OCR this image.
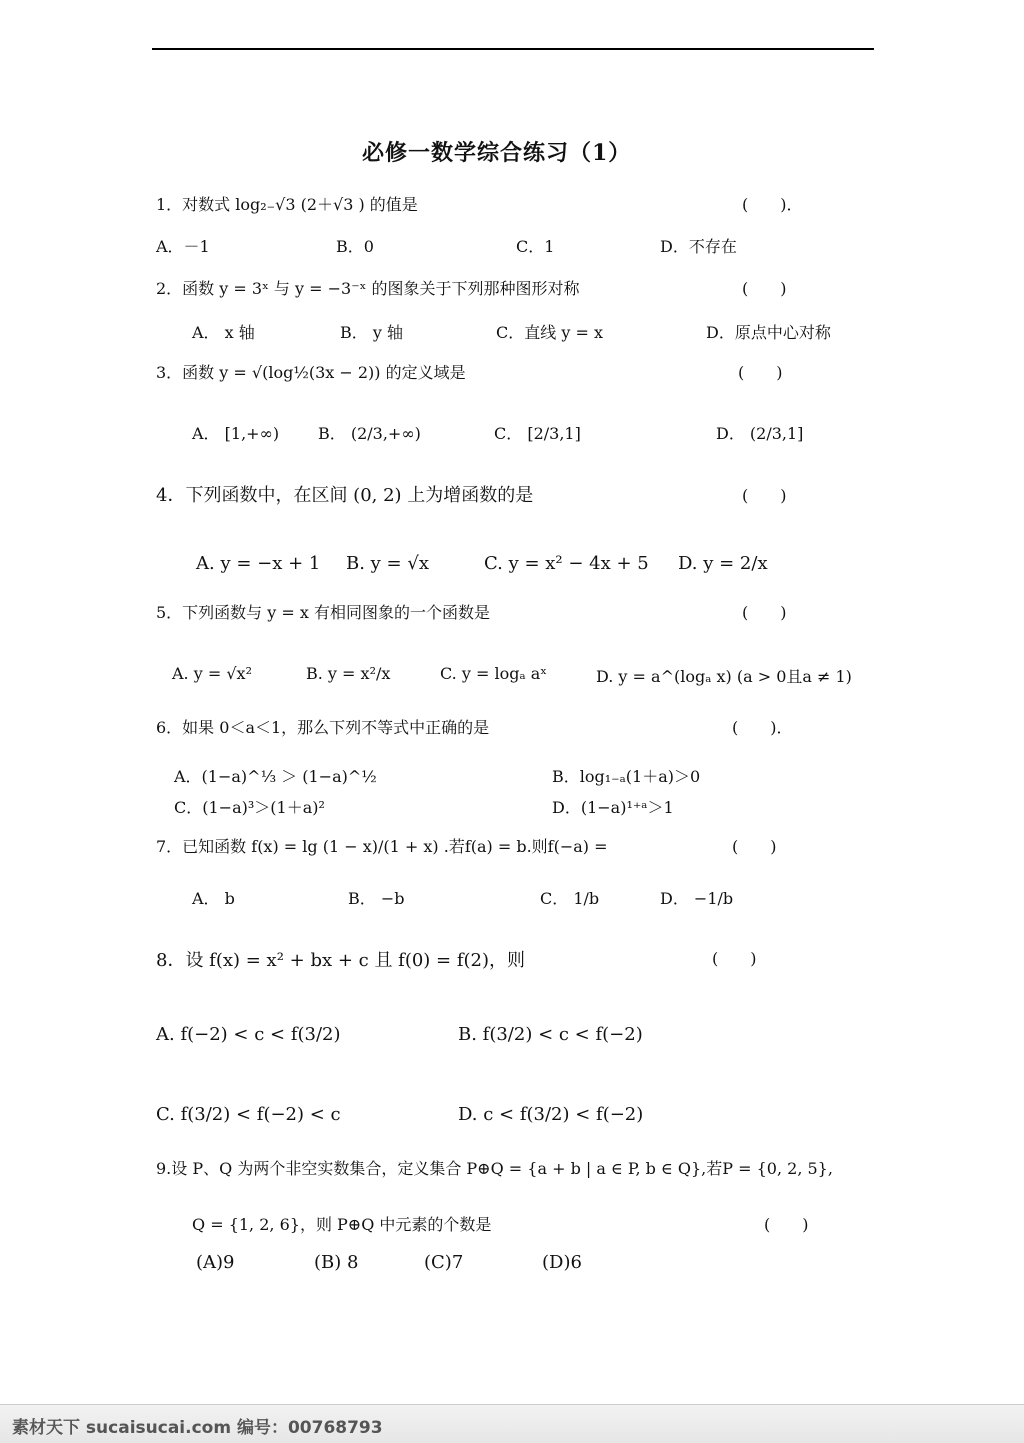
必修一数学综合练习（1）
1．对数式 log₂₋√3 (2＋√3 ) 的值是	(　　)．
A．－1	B．0	C．1	D．不存在
2．函数 y = 3ˣ 与 y = −3⁻ˣ 的图象关于下列那种图形对称	(　　)
A． x 轴	B． y 轴	C．直线 y = x	D．原点中心对称
3．函数 y = √(log½(3x − 2)) 的定义域是	(　　)
A． [1,+∞) B． (2/3,+∞)	C． [2/3,1]	D． (2/3,1]
4．下列函数中，在区间 (0, 2) 上为增函数的是	(　　)
A. y = −x + 1 B. y = √x	C. y = x² − 4x + 5 D. y = 2/x
5．下列函数与 y = x 有相同图象的一个函数是	(　　)
A. y = √x²	B. y = x²/x	C. y = logₐ aˣ	D. y = a^(logₐ x) (a > 0且a ≠ 1)
6．如果 0＜a＜1，那么下列不等式中正确的是	(　　)．
A．(1−a)^⅓ ＞ (1−a)^½	B．log₁₋ₐ(1＋a)＞0
C．(1−a)³＞(1＋a)²	D．(1−a)¹⁺ᵃ＞1
7．已知函数 f(x) = lg (1 − x)/(1 + x) .若f(a) = b.则f(−a) =	(　　)
A． b	B． −b	C． 1/b	D． −1/b
8．设 f(x) = x² + bx + c 且 f(0) = f(2)，则	(　　)
A. f(−2) < c < f(3/2)	B. f(3/2) < c < f(−2)
C. f(3/2) < f(−2) < c	D. c < f(3/2) < f(−2)
9.设 P、Q 为两个非空实数集合，定义集合 P⊕Q = {a + b | a ∈ P, b ∈ Q},若P = {0, 2, 5},
Q = {1, 2, 6}，则 P⊕Q 中元素的个数是	(　　)
(A)9	(B) 8	(C)7	(D)6
素材天下 sucaisucai.com 编号：00768793
